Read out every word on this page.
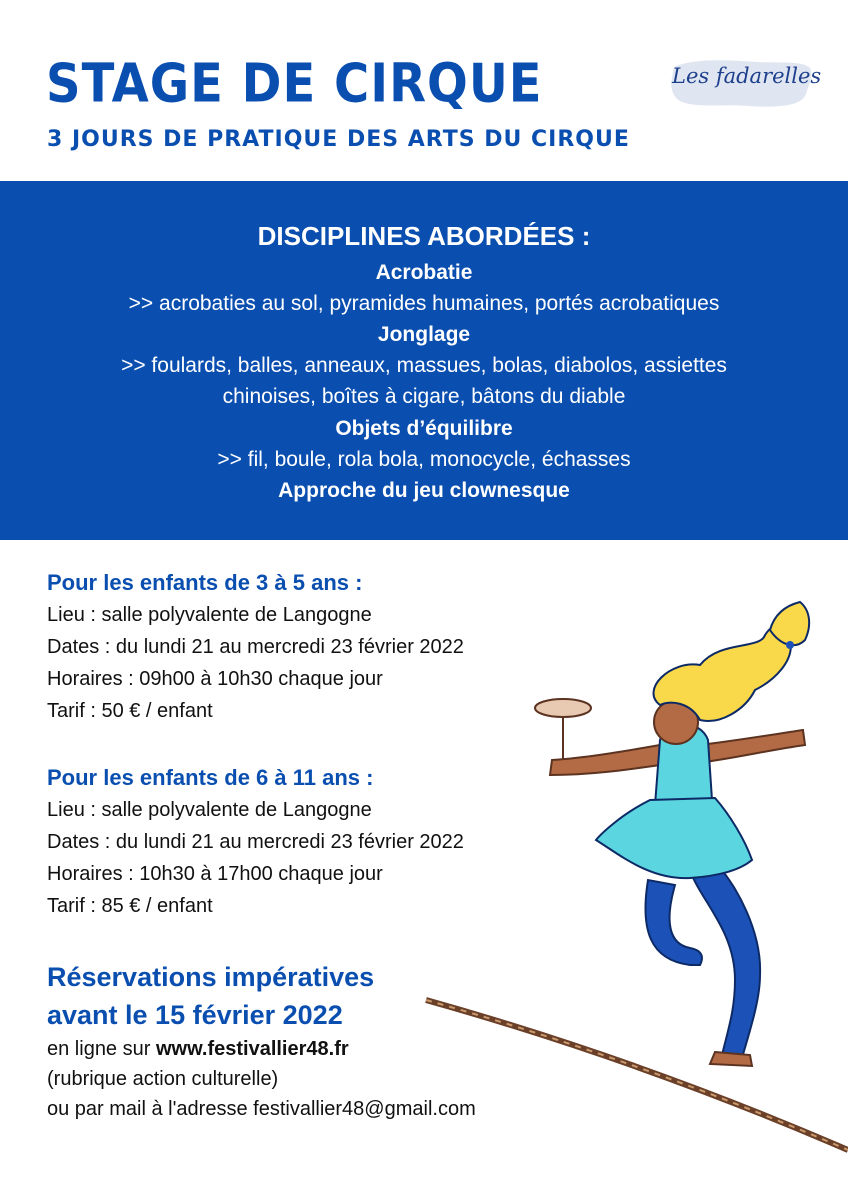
STAGE DE CIRQUE
3 JOURS DE PRATIQUE DES ARTS DU CIRQUE
Les fadarelles
DISCIPLINES ABORDÉES :
Acrobatie
>> acrobaties au sol, pyramides humaines, portés acrobatiques
Jonglage
>> foulards, balles, anneaux, massues, bolas, diabolos, assiettes
chinoises, boîtes à cigare, bâtons du diable
Objets d’équilibre
>> fil, boule, rola bola, monocycle, échasses
Approche du jeu clownesque
Pour les enfants de 3 à 5 ans :
Lieu : salle polyvalente de Langogne
Dates : du lundi 21 au mercredi 23 février 2022
Horaires : 09h00 à 10h30 chaque jour
Tarif : 50 € / enfant
Pour les enfants de 6 à 11 ans :
Lieu : salle polyvalente de Langogne
Dates : du lundi 21 au mercredi 23 février 2022
Horaires : 10h30 à 17h00 chaque jour
Tarif : 85 € / enfant
Réservations impératives
avant le 15 février 2022
en ligne sur www.festivallier48.fr
(rubrique action culturelle)
ou par mail à l'adresse festivallier48@gmail.com
